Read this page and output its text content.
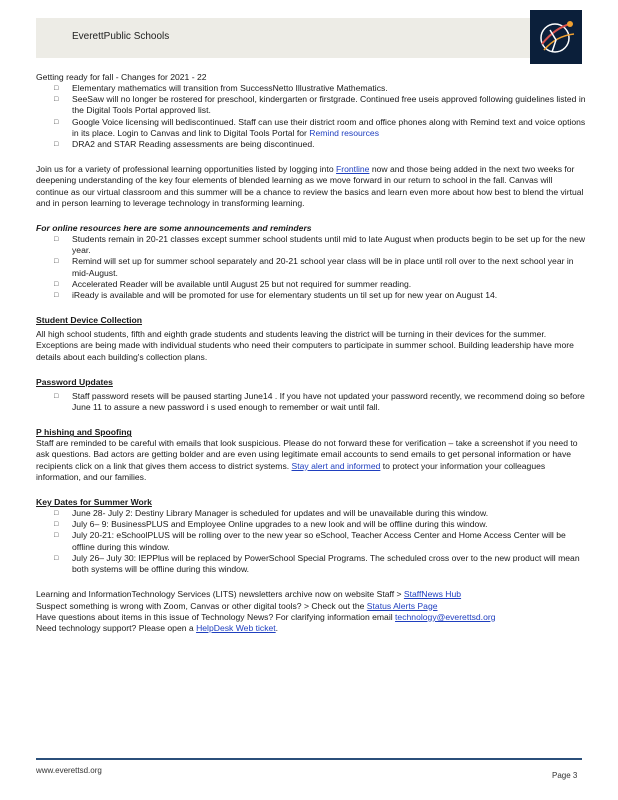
EverettPublic Schools

Getting ready for fall - Changes for 2021 - 22

□ Elementary mathematics will transition from SuccessNetto Illustrative Mathematics.
□ SeeSaw will no longer be rostered for preschool, kindergarten or firstgrade. Continued free useis approved following guidelines listed in the Digital Tools Portal approved list.
□ Google Voice licensing will bediscontinued. Staff can use their district room and office phones along with Remind text and voice options in its place. Login to Canvas and link to Digital Tools Portal for Remind resources
□ DRA2 and STAR Reading assessments are being discontinued.

Join us for a variety of professional learning opportunities listed by logging into Frontline now and those being added in the next two weeks for deepening understanding of the key four elements of blended learning as we move forward in our return to school in the fall. Canvas will continue as our virtual classroom and this summer will be a chance to review the basics and learn even more about how best to blend the virtual and in person learning to leverage technology in transforming learning.

For online resources here are some announcements and reminders

□ Students remain in 20-21 classes except summer school students until mid to late August when products begin to be set up for the new year.
□ Remind will set up for summer school separately and 20-21 school year class will be in place until roll over to the next school year in mid-August.
□ Accelerated Reader will be available until August 25 but not required for summer reading.
□ iReady is available and will be promoted for use for elementary students un til set up for new year on August 14.

Student Device Collection

All high school students, fifth and eighth grade students and students leaving the district will be turning in their devices for the summer. Exceptions are being made with individual students who need their computers to participate in summer school. Building leadership have more details about each building's collection plans.

Password Updates

□ Staff password resets will be paused starting June14 . If you have not updated your password recently, we recommend doing so before June 11 to assure a new password i s used enough to remember or wait until fall.

P hishing and Spoofing

Staff are reminded to be careful with emails that look suspicious. Please do not forward these for verification – take a screenshot if you need to ask questions. Bad actors are getting bolder and are even using legitimate email accounts to send emails to get personal information or have recipients click on a link that gives them access to district systems. Stay alert and informed to protect your information your colleagues information, and our families.

Key Dates for Summer Work

□ June 28- July 2: Destiny Library Manager is scheduled for updates and will be unavailable during this window.
□ July 6– 9: BusinessPLUS and Employee Online upgrades to a new look and will be offline during this window.
□ July 20-21: eSchoolPLUS will be rolling over to the new year so eSchool, Teacher Access Center and Home Access Center will be offline during this window.
□ July 26– July 30: IEPPlus will be replaced by PowerSchool Special Programs. The scheduled cross over to the new product will mean both systems will be offline during this window.

Learning and InformationTechnology Services (LITS) newsletters archive now on website Staff > StaffNews Hub

Suspect something is wrong with Zoom, Canvas or other digital tools? > Check out the Status Alerts Page

Have questions about items in this issue of Technology News? For clarifying information email technology@everettsd.org

Need technology support? Please open a HelpDesk Web ticket.

www.everettsd.org
Page 3
